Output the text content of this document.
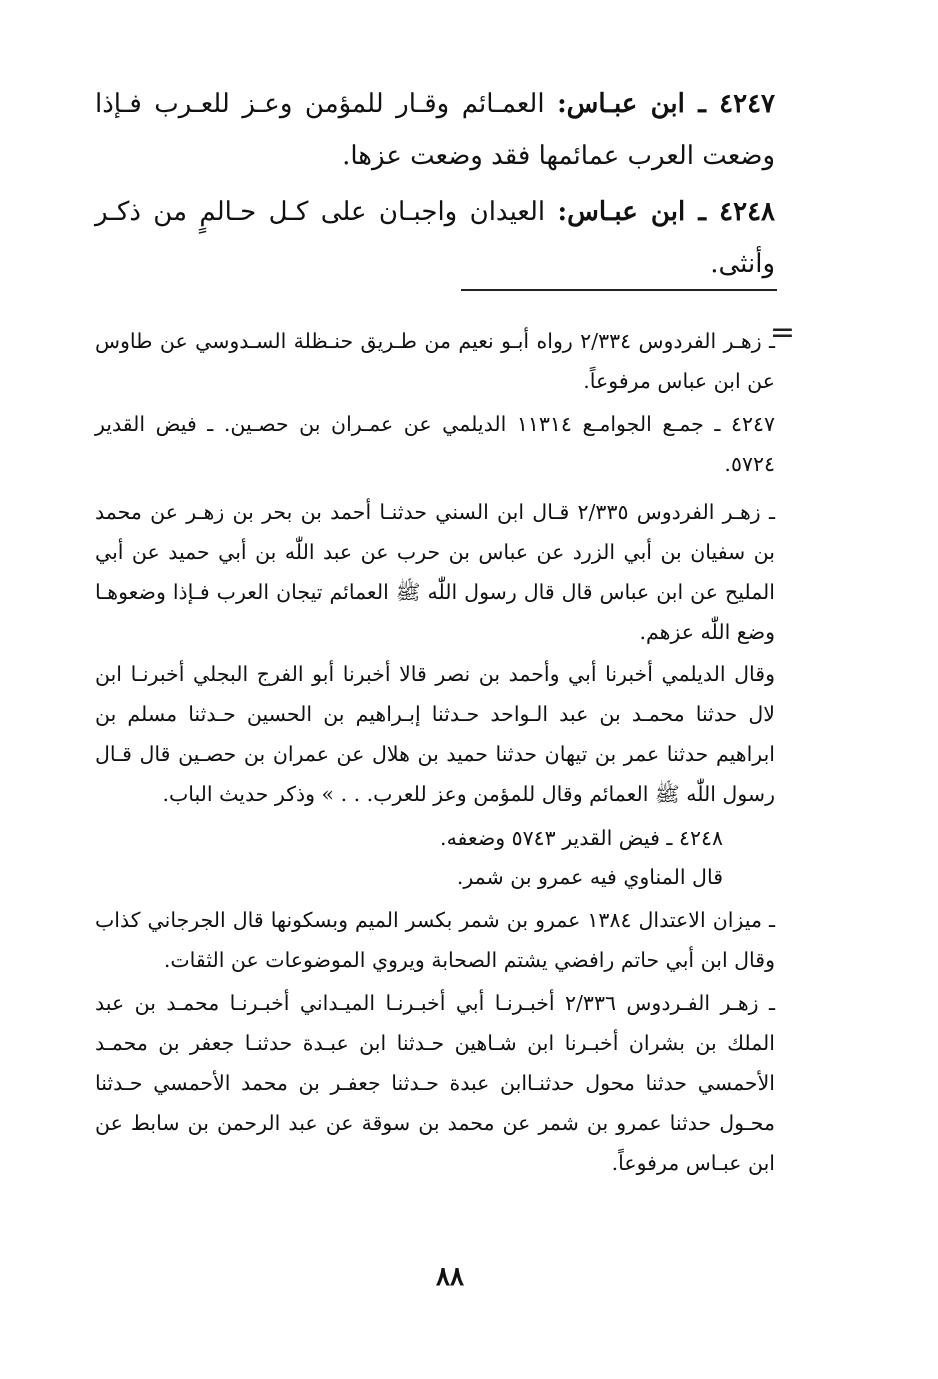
٤٢٤٧ ـ ابن عبـاس: العمـائم وقـار للمؤمن وعـز للعـرب فـإذا وضعت العرب عمائمها فقد وضعت عزها.
٤٢٤٨ ـ ابن عبـاس: العيدان واجبـان على كـل حـالمٍ من ذكـر وأنثى.
=
ـ زهـر الفردوس ٢/٣٣٤ رواه أبـو نعيم من طـريق حنـظلة السـدوسي عن طاوس عن ابن عباس مرفوعاً.
٤٢٤٧ ـ جمـع الجوامـع ١١٣١٤ الديلمي عن عمـران بن حصـين. ـ فيض القدير ٥٧٢٤.
ـ زهـر الفردوس ٢/٣٣٥ قـال ابن السني حدثنـا أحمد بن بحر بن زهـر عن محمد بن سفيان بن أبي الزرد عن عباس بن حرب عن عبد اللّٰه بن أبي حميد عن أبي المليح عن ابن عباس قال قال رسول اللّٰه ﷺ العمائم تيجان العرب فـإذا وضعوهـا وضع اللّٰه عزهم.
وقال الديلمي أخبرنا أبي وأحمد بن نصر قالا أخبرنا أبو الفرج البجلي أخبرنـا ابن لال حدثنا محمـد بن عبد الـواحد حـدثنا إبـراهيم بن الحسين حـدثنا مسلم بن ابراهيم حدثنا عمر بن تيهان حدثنا حميد بن هلال عن عمران بن حصـين قال قـال رسول اللّٰه ﷺ العمائم وقال للمؤمن وعز للعرب. . . » وذكر حديث الباب.
٤٢٤٨ ـ فيض القدير ٥٧٤٣ وضعفه.
قال المناوي فيه عمرو بن شمر.
ـ ميزان الاعتدال ١٣٨٤ عمرو بن شمر بكسر الميم وبسكونها قال الجرجاني كذاب وقال ابن أبي حاتم رافضي يشتم الصحابة ويروي الموضوعات عن الثقات.
ـ زهـر الفـردوس ٢/٣٣٦ أخبـرنـا أبي أخبـرنـا الميـداني أخبـرنـا محمـد بن عبد الملك بن بشران أخبـرنا ابن شـاهين حـدثنا ابن عبـدة حدثنـا جعفر بن محمـد الأحمسي حدثنا محول حدثنـاابن عبدة حـدثنا جعفـر بن محمد الأحمسي حـدثنا محـول حدثنا عمرو بن شمر عن محمد بن سوقة عن عبد الرحمن بن سابط عن ابن عبـاس مرفوعاً.
٨٨
